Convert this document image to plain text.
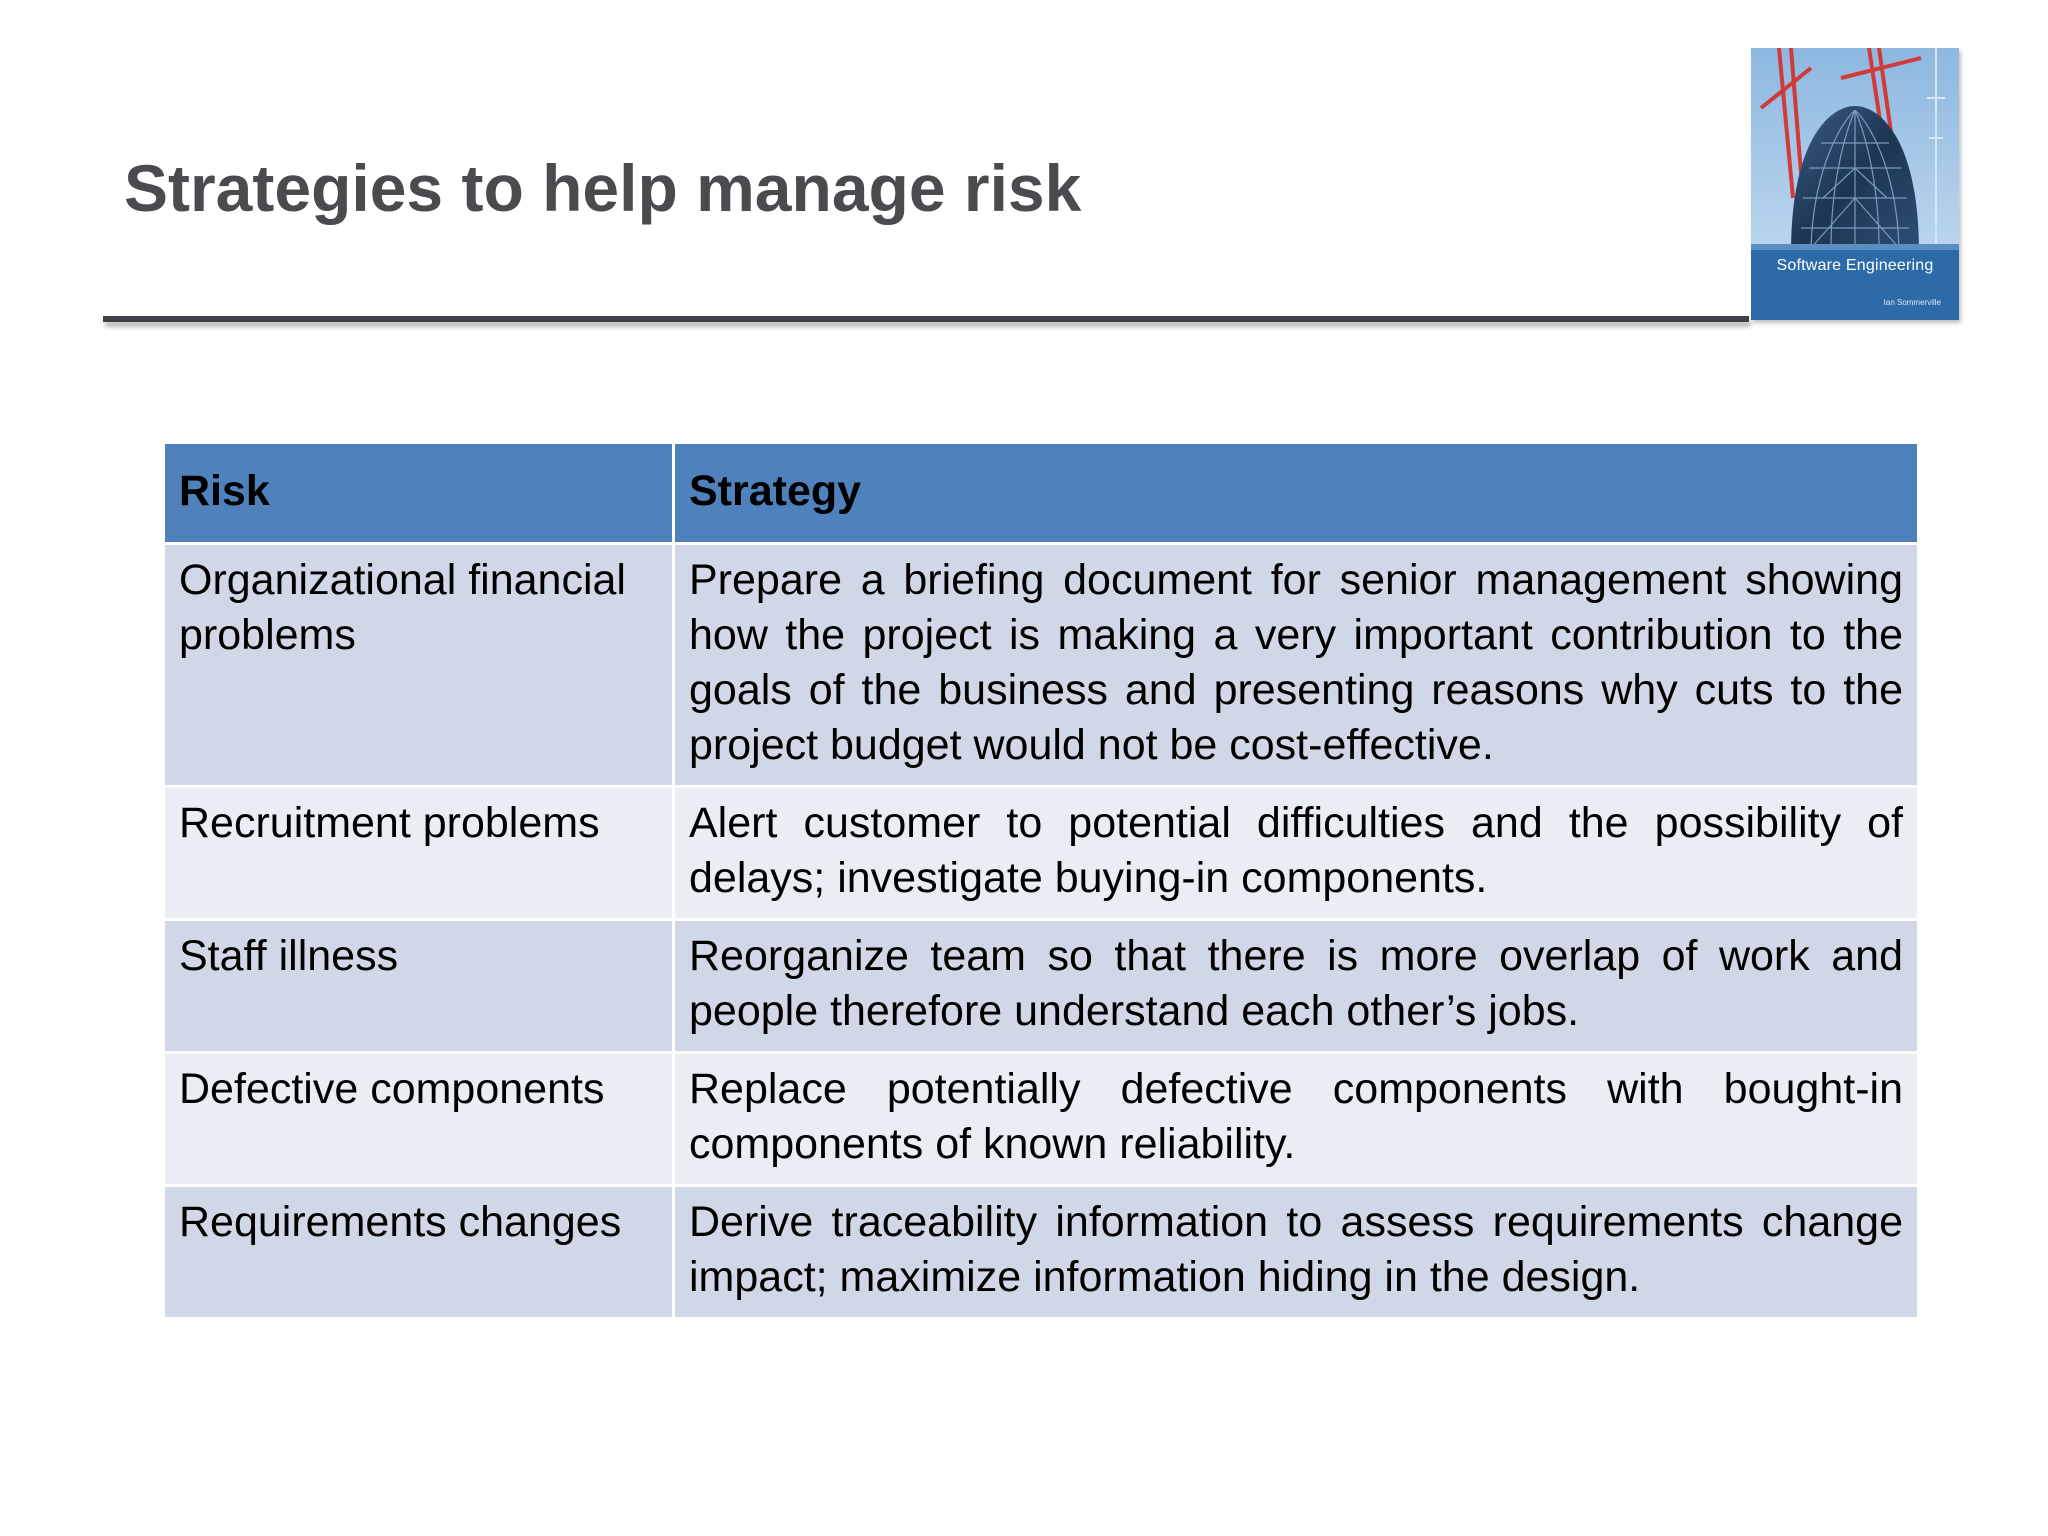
Strategies to help manage risk
Software Engineering
Ian Sommerville
Risk	Strategy
Organizational financial problems	Prepare a briefing document for senior management showing how the project is making a very important contribution to the goals of the business and presenting reasons why cuts to the project budget would not be cost-effective.
Recruitment problems	Alert customer to potential difficulties and the possibility of delays; investigate buying-in components.
Staff illness	Reorganize team so that there is more overlap of work and people therefore understand each other’s jobs.
Defective components	Replace potentially defective components with bought-in components of known reliability.
Requirements changes	Derive traceability information to assess requirements change impact; maximize information hiding in the design.
